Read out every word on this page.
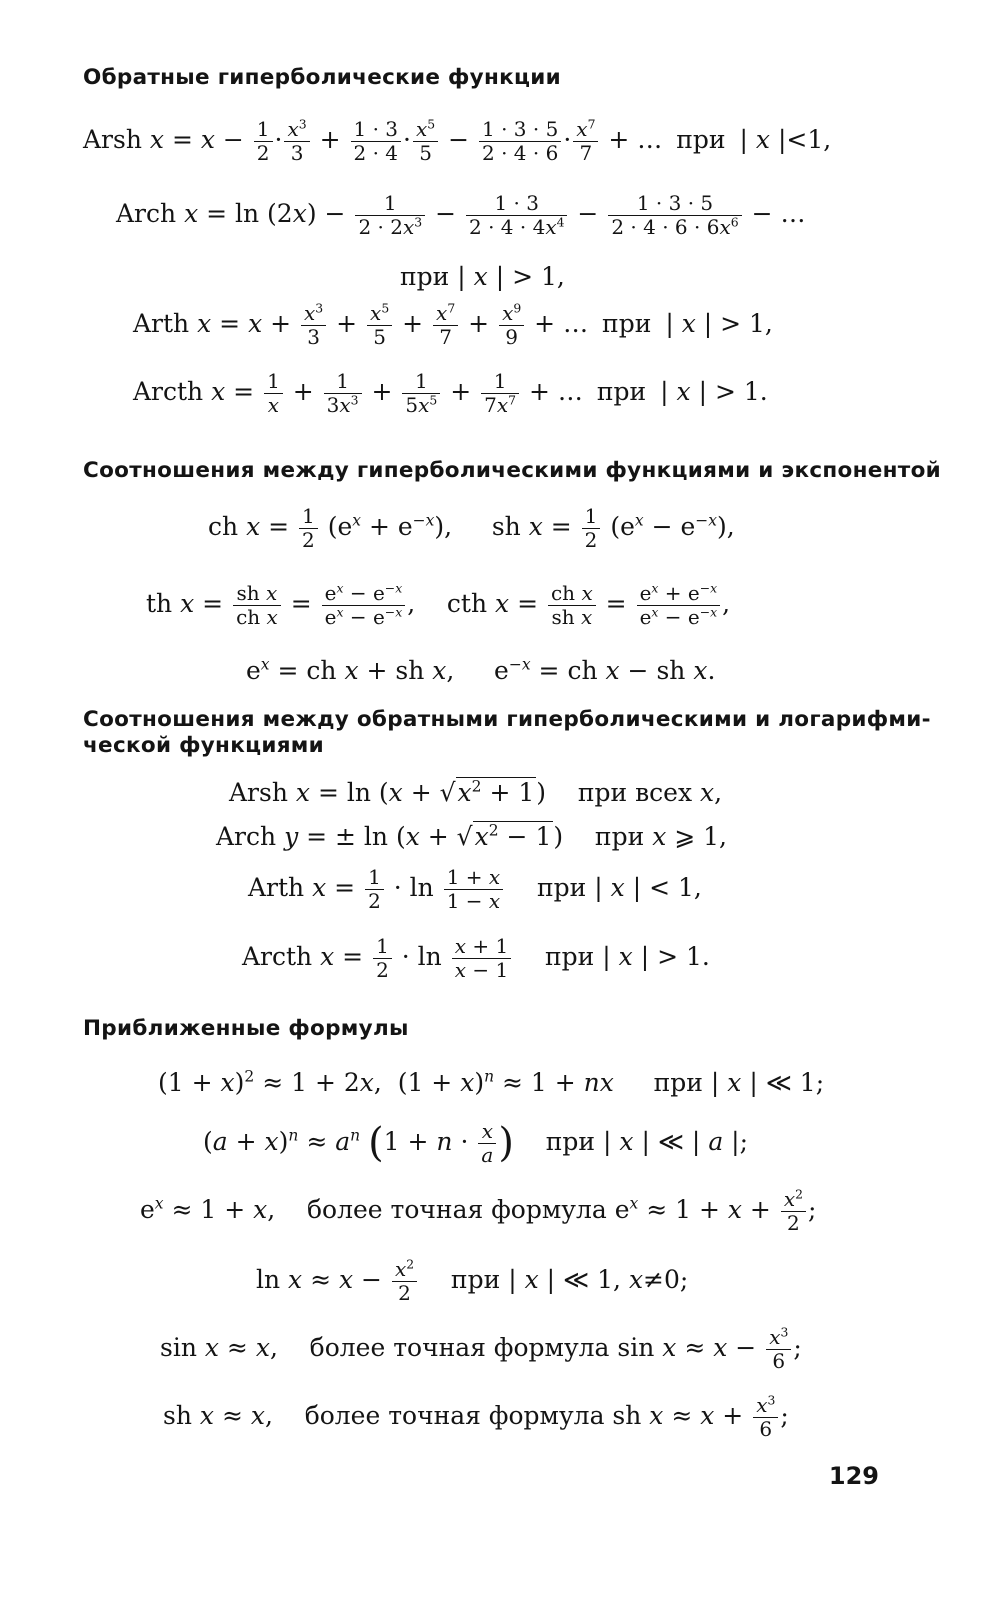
Обратные гиперболические функции
Arsh $x = x - \frac{1}{2} \cdot \frac{x^3}{3} + \frac{1 \cdot 3}{2 \cdot 4} \cdot \frac{x^5}{5} - \frac{1 \cdot 3 \cdot 5}{2 \cdot 4 \cdot 6} \cdot \frac{x^7}{7}$ + … при | x |<1,
Arch $x = \ln (2x) - \frac{1}{2 \cdot 2x^3} - \frac{1 \cdot 3}{2 \cdot 4 \cdot 4x^4} - \frac{1 \cdot 3 \cdot 5}{2 \cdot 4 \cdot 6 \cdot 6x^6}$ − …
при | x | > 1,
Arth $x = x + \frac{x^3}{3} + \frac{x^5}{5} + \frac{x^7}{7} + \frac{x^9}{9}$ + … при | x | > 1,
Arcth $x = \frac{1}{x} + \frac{1}{3x^3} + \frac{1}{5x^5} + \frac{1}{7x^7}$ + … при | x | > 1.
Соотношения между гиперболическими функциями и экспонентой
ch $x = \frac{1}{2} (e^x + e^{-x})$,     sh $x = \frac{1}{2} (e^x - e^{-x})$,
th $x = \frac{\text{sh x}}{\text{ch x}} = \frac{e^x - e^{-x}}{e^x - e^{-x}}$ ,    cth $x = \frac{\text{ch x}}{\text{sh x}} = \frac{e^x + e^{-x}}{e^x - e^{-x}}$ ,
$e^x$ = ch x + sh x,     $e^{-x}$ = ch x − sh x.
Соотношения между обратными гиперболическими и логарифми-
ческой функциями
Arsh $x = \ln (x + √x^2 + 1)$    при всех x,
Arch y = ± $\ln (x + √x^2 - 1)$    при x ⩾ 1,
Arth $x = \frac{1}{2} \cdot \ln \frac{1 + x}{1 - x}$ при | x | < 1,
Arcth $x = \frac{1}{2} \cdot \ln \frac{x + 1}{x - 1}$ при | x | > 1.
Приближенные формулы
$(1 + x)^2 \approx 1 + 2x$,  $(1 + x)^n \approx 1$ + nx при | x | ≪ 1;
$(a + x)^n \approx a^n$ ($1 + n \cdot \frac{x}{a}$ ) при | x | ≪ | a |;
$e^x \approx 1 + x$,    более точная формула $e^x \approx 1 + x + \frac{x^2}{2}$ ;
$\ln x \approx x - \frac{x^2}{2}$ при | x | ≪ 1, x≠0;
sin x ≈ x,    более точная формула $\sin x \approx x - \frac{x^3}{6}$ ;
sh x ≈ x,    более точная формула sh $x \approx x + \frac{x^3}{6}$ ;
129
